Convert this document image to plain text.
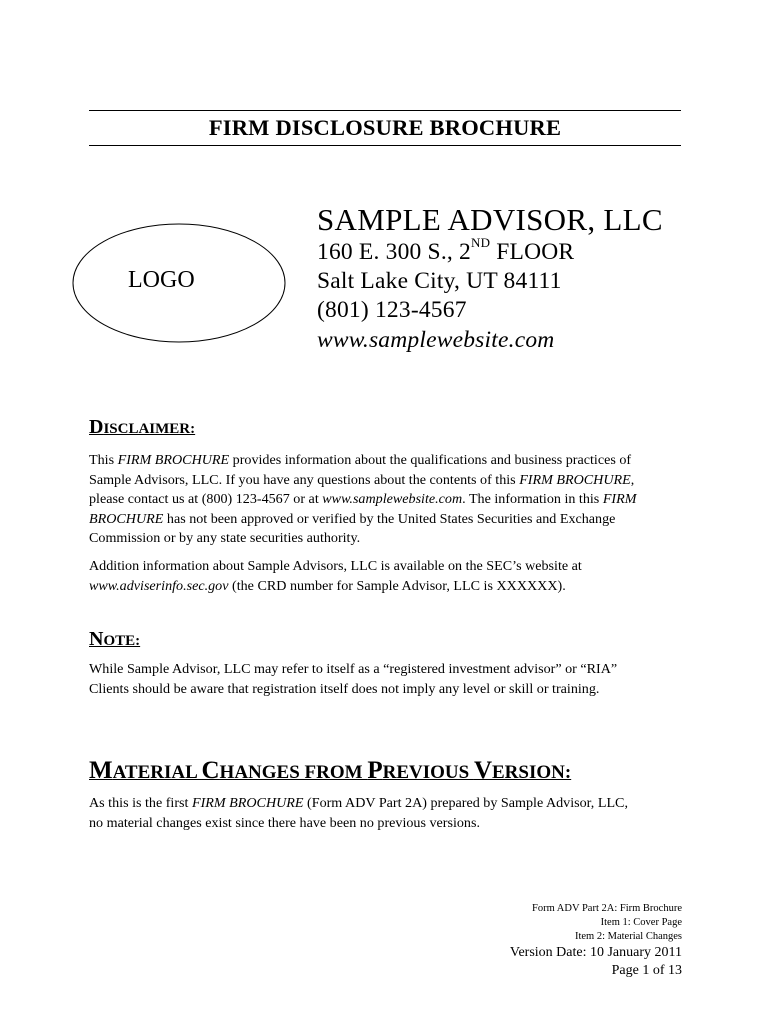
FIRM DISCLOSURE BROCHURE
LOGO
SAMPLE ADVISOR, LLC
160 E. 300 S., 2ND FLOOR
Salt Lake City, UT 84111
(801) 123-4567
www.samplewebsite.com
DISCLAIMER:
This FIRM BROCHURE provides information about the qualifications and business practices of
Sample Advisors, LLC. If you have any questions about the contents of this FIRM BROCHURE,
please contact us at (800) 123-4567 or at www.samplewebsite.com. The information in this FIRM
BROCHURE has not been approved or verified by the United States Securities and Exchange
Commission or by any state securities authority.
Addition information about Sample Advisors, LLC is available on the SEC’s website at
www.adviserinfo.sec.gov (the CRD number for Sample Advisor, LLC is XXXXXX).
NOTE:
While Sample Advisor, LLC may refer to itself as a “registered investment advisor” or “RIA”
Clients should be aware that registration itself does not imply any level or skill or training.
MATERIAL CHANGES FROM PREVIOUS VERSION:
As this is the first FIRM BROCHURE (Form ADV Part 2A) prepared by Sample Advisor, LLC,
no material changes exist since there have been no previous versions.
Form ADV Part 2A: Firm Brochure
Item 1: Cover Page
Item 2: Material Changes
Version Date: 10 January 2011
Page 1 of 13
